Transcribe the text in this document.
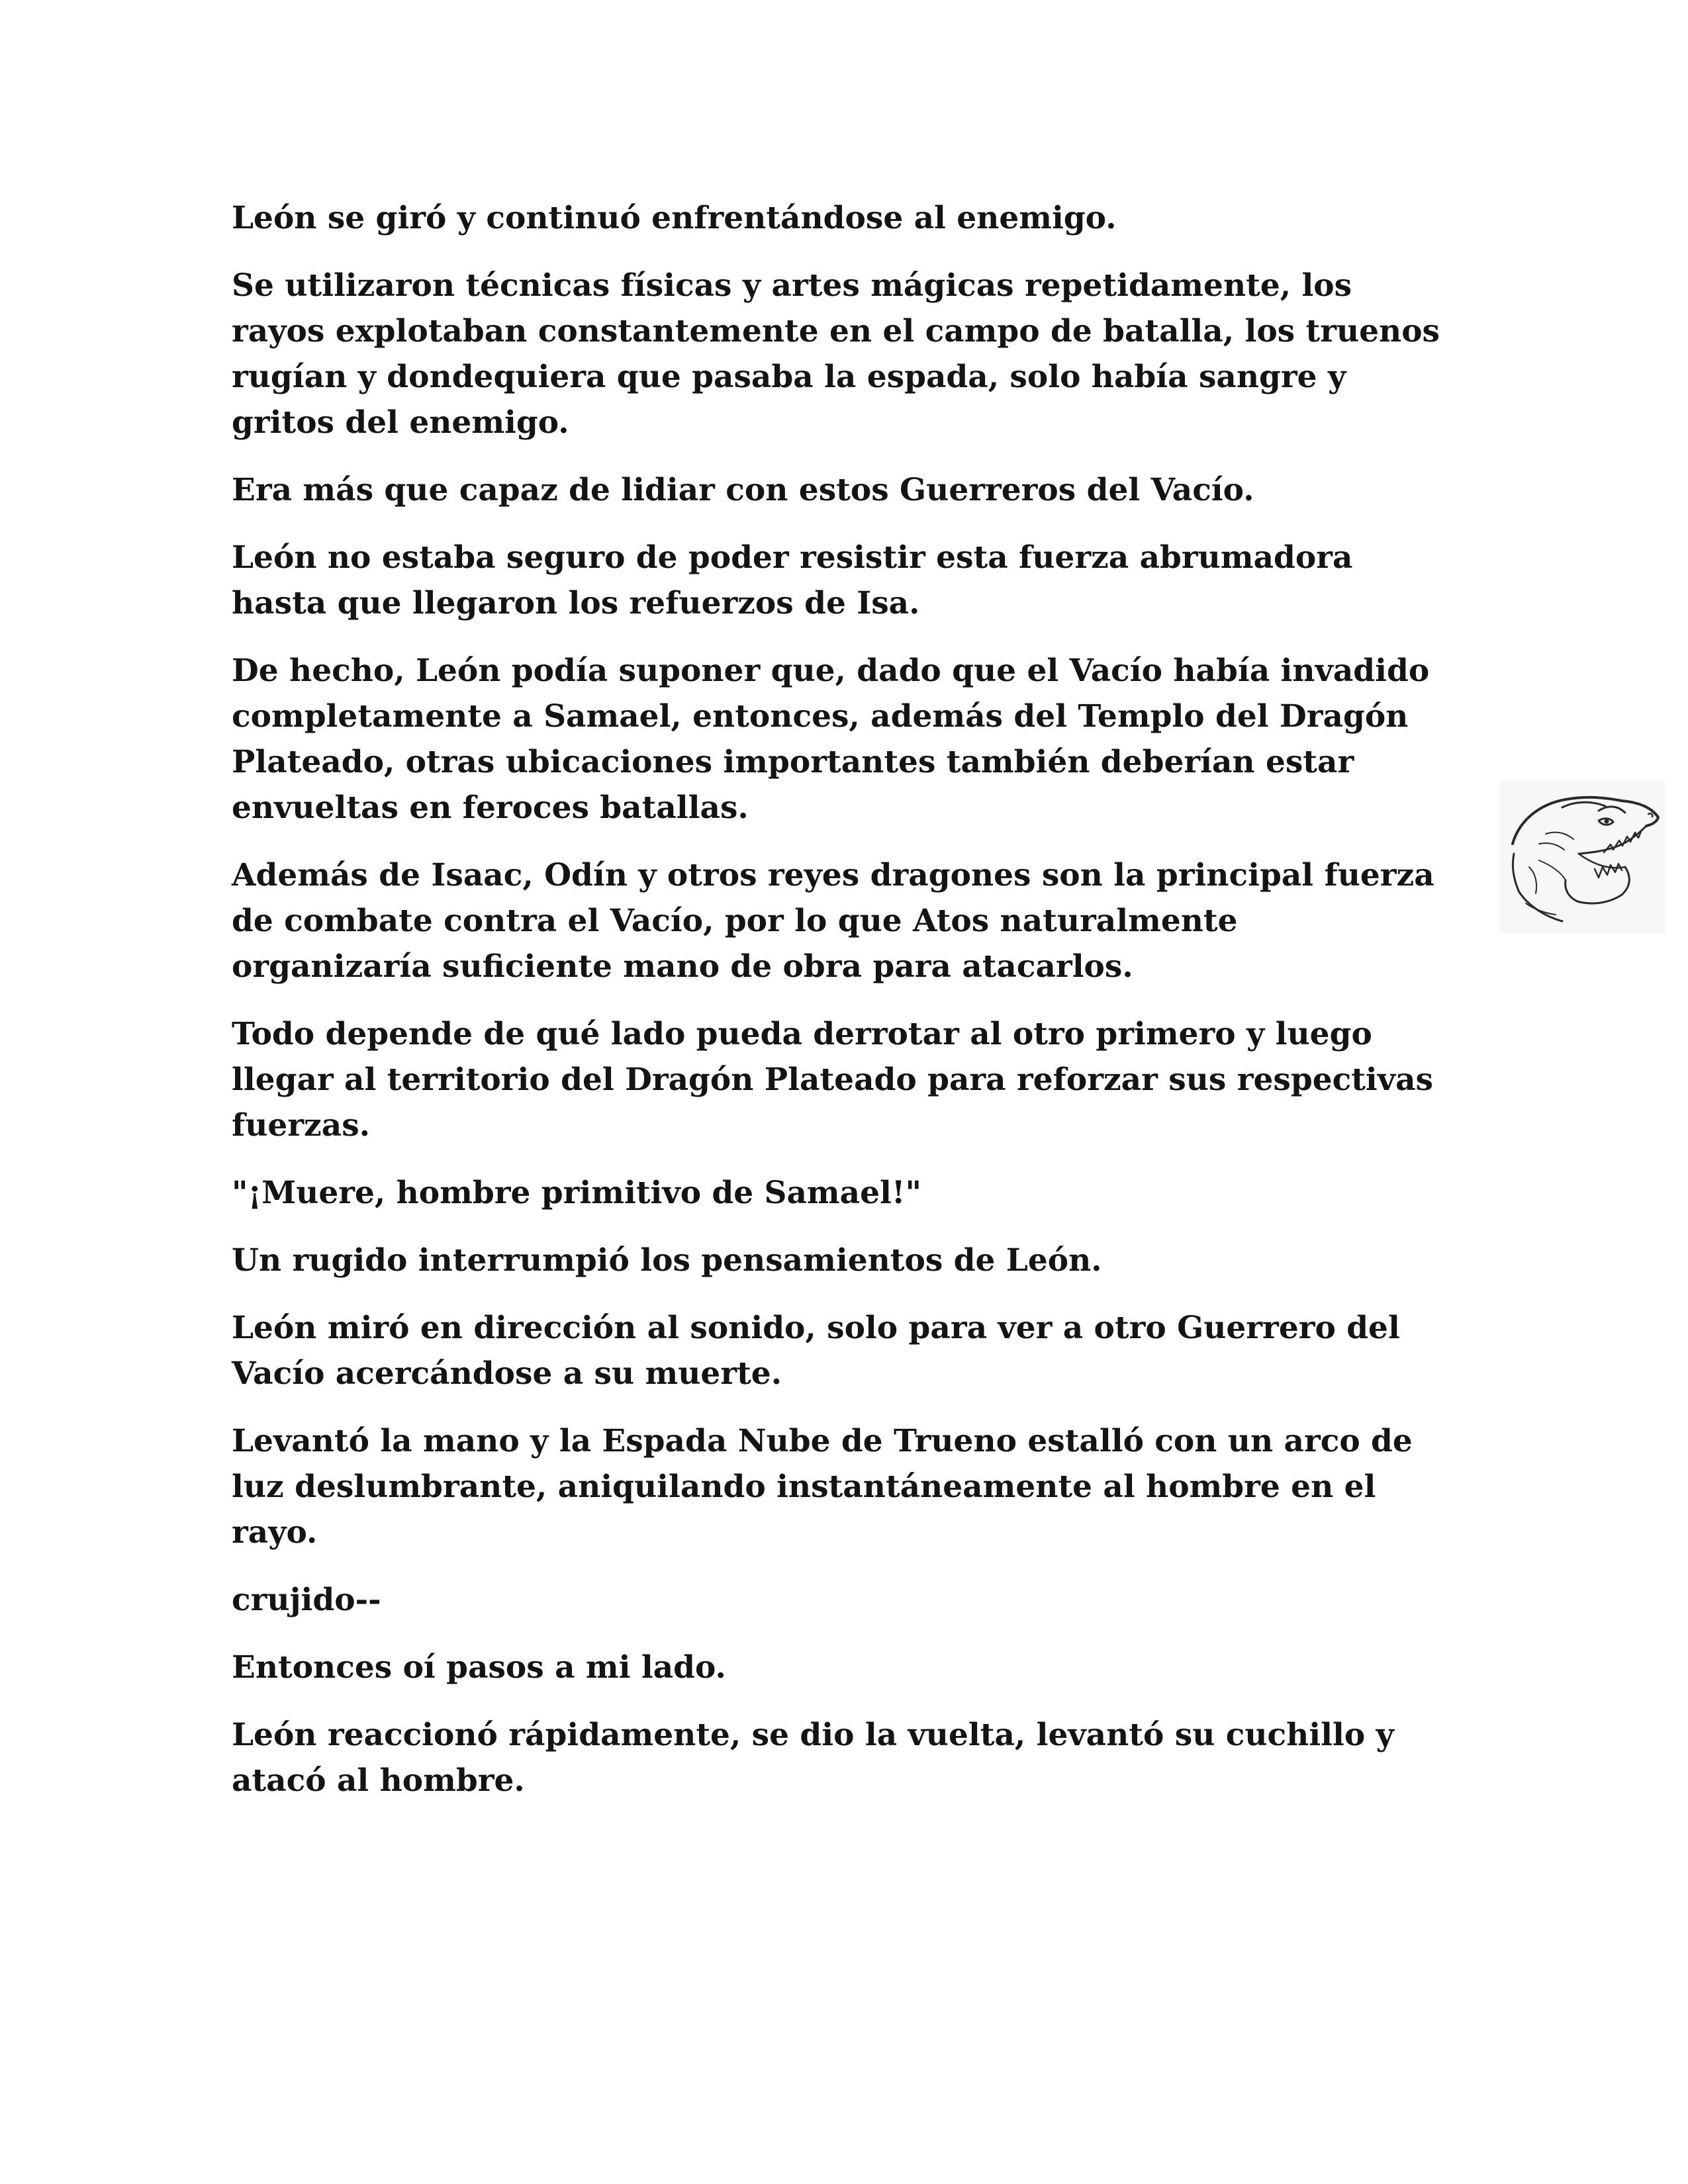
León se giró y continuó enfrentándose al enemigo.

Se utilizaron técnicas físicas y artes mágicas repetidamente, los rayos explotaban constantemente en el campo de batalla, los truenos rugían y dondequiera que pasaba la espada, solo había sangre y gritos del enemigo.

Era más que capaz de lidiar con estos Guerreros del Vacío.

León no estaba seguro de poder resistir esta fuerza abrumadora hasta que llegaron los refuerzos de Isa.

De hecho, León podía suponer que, dado que el Vacío había invadido completamente a Samael, entonces, además del Templo del Dragón Plateado, otras ubicaciones importantes también deberían estar envueltas en feroces batallas.

Además de Isaac, Odín y otros reyes dragones son la principal fuerza de combate contra el Vacío, por lo que Atos naturalmente organizaría suficiente mano de obra para atacarlos.

Todo depende de qué lado pueda derrotar al otro primero y luego llegar al territorio del Dragón Plateado para reforzar sus respectivas fuerzas.

"¡Muere, hombre primitivo de Samael!"

Un rugido interrumpió los pensamientos de León.

León miró en dirección al sonido, solo para ver a otro Guerrero del Vacío acercándose a su muerte.

Levantó la mano y la Espada Nube de Trueno estalló con un arco de luz deslumbrante, aniquilando instantáneamente al hombre en el rayo.

crujido--

Entonces oí pasos a mi lado.

León reaccionó rápidamente, se dio la vuelta, levantó su cuchillo y atacó al hombre.
